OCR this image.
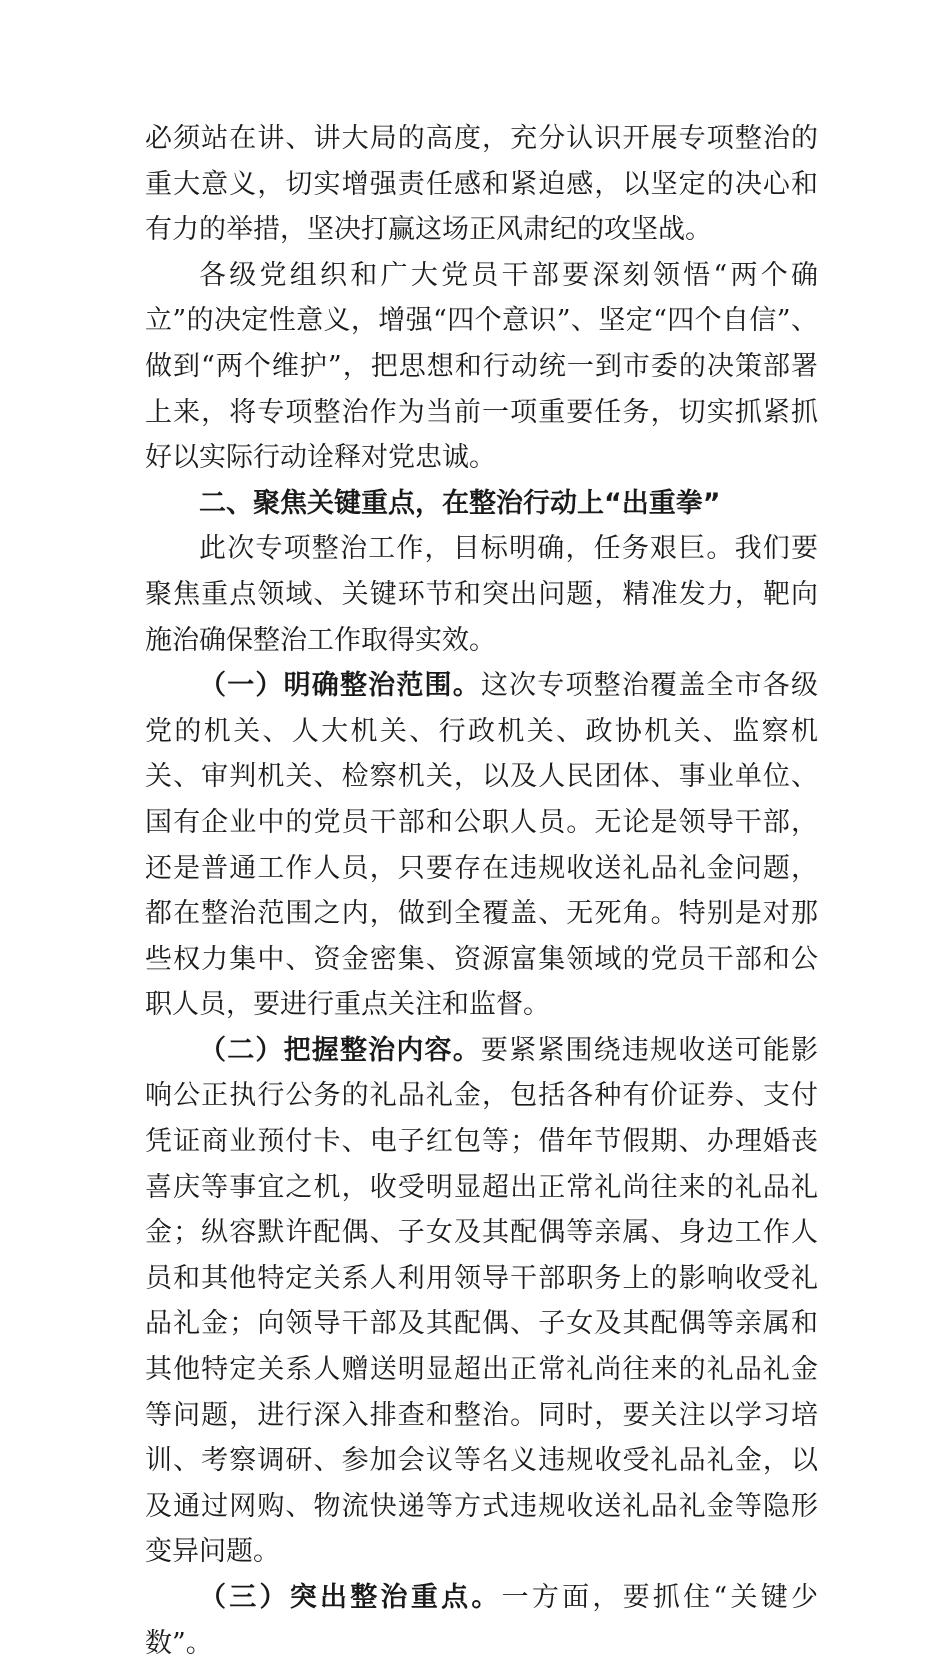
必须站在讲、讲大局的高度，充分认识开展专项整治的重大意义，切实增强责任感和紧迫感，以坚定的决心和有力的举措，坚决打赢这场正风肃纪的攻坚战。

各级党组织和广大党员干部要深刻领悟“两个确立”的决定性意义，增强“四个意识”、坚定“四个自信”、做到“两个维护”，把思想和行动统一到市委的决策部署上来，将专项整治作为当前一项重要任务，切实抓紧抓好以实际行动诠释对党忠诚。

二、聚焦关键重点，在整治行动上“出重拳”

此次专项整治工作，目标明确，任务艰巨。我们要聚焦重点领域、关键环节和突出问题，精准发力，靶向施治确保整治工作取得实效。

（一）明确整治范围。这次专项整治覆盖全市各级党的机关、人大机关、行政机关、政协机关、监察机关、审判机关、检察机关，以及人民团体、事业单位、国有企业中的党员干部和公职人员。无论是领导干部，还是普通工作人员，只要存在违规收送礼品礼金问题，都在整治范围之内，做到全覆盖、无死角。特别是对那些权力集中、资金密集、资源富集领域的党员干部和公职人员，要进行重点关注和监督。

（二）把握整治内容。要紧紧围绕违规收送可能影响公正执行公务的礼品礼金，包括各种有价证券、支付凭证商业预付卡、电子红包等；借年节假期、办理婚丧喜庆等事宜之机，收受明显超出正常礼尚往来的礼品礼金；纵容默许配偶、子女及其配偶等亲属、身边工作人员和其他特定关系人利用领导干部职务上的影响收受礼品礼金；向领导干部及其配偶、子女及其配偶等亲属和其他特定关系人赠送明显超出正常礼尚往来的礼品礼金等问题，进行深入排查和整治。同时，要关注以学习培训、考察调研、参加会议等名义违规收受礼品礼金，以及通过网购、物流快递等方式违规收送礼品礼金等隐形变异问题。

（三）突出整治重点。一方面，要抓住“关键少数”。
